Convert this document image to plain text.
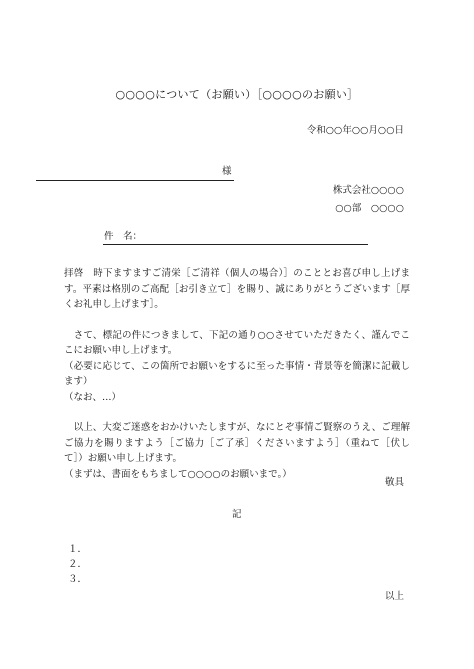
○○○○について（お願い）［○○○○のお願い］
令和○○年○○月○○日
様
株式会社○○○○
○○部　○○○○
件　名：

拝啓　時下ますますご清栄［ご清祥（個人の場合）］のこととお喜び申し上げます。平素は格別のご高配［お引き立て］を賜り、誠にありがとうございます［厚くお礼申し上げます］。

　さて、標記の件につきまして、下記の通り○○させていただきたく、謹んでここにお願い申し上げます。

（必要に応じて、この箇所でお願いをするに至った事情・背景等を簡潔に記載します）

（なお、…）

　以上、大変ご迷惑をおかけいたしますが、なにとぞ事情ご賢察のうえ、ご理解ご協力を賜りますよう［ご協力［ご了承］くださいますよう］（重ねて［伏して］）お願い申し上げます。

（まずは、書面をもちまして○○○○のお願いまで。）

敬具
記
１．
２．
３．
以上
